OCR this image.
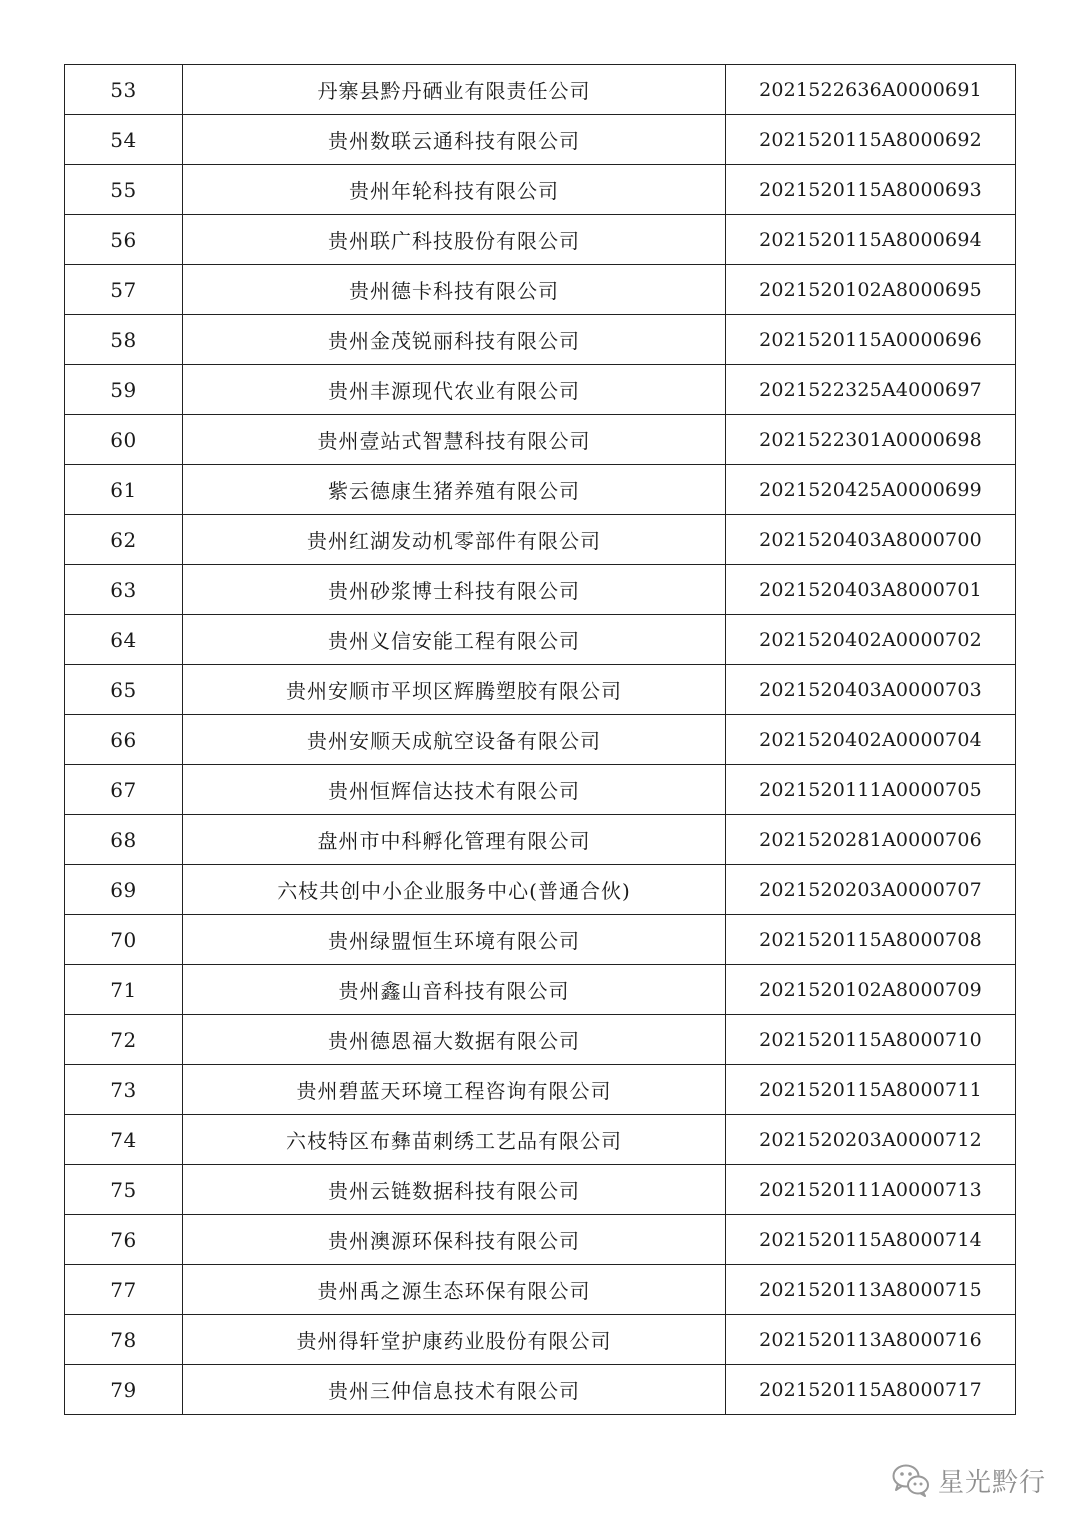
53	丹寨县黔丹硒业有限责任公司	2021522636A0000691
54	贵州数联云通科技有限公司	2021520115A8000692
55	贵州年轮科技有限公司	2021520115A8000693
56	贵州联广科技股份有限公司	2021520115A8000694
57	贵州德卡科技有限公司	2021520102A8000695
58	贵州金茂锐丽科技有限公司	2021520115A0000696
59	贵州丰源现代农业有限公司	2021522325A4000697
60	贵州壹站式智慧科技有限公司	2021522301A0000698
61	紫云德康生猪养殖有限公司	2021520425A0000699
62	贵州红湖发动机零部件有限公司	2021520403A8000700
63	贵州砂浆博士科技有限公司	2021520403A8000701
64	贵州义信安能工程有限公司	2021520402A0000702
65	贵州安顺市平坝区辉腾塑胶有限公司	2021520403A0000703
66	贵州安顺天成航空设备有限公司	2021520402A0000704
67	贵州恒辉信达技术有限公司	2021520111A0000705
68	盘州市中科孵化管理有限公司	2021520281A0000706
69	六枝共创中小企业服务中心(普通合伙)	2021520203A0000707
70	贵州绿盟恒生环境有限公司	2021520115A8000708
71	贵州鑫山音科技有限公司	2021520102A8000709
72	贵州德恩福大数据有限公司	2021520115A8000710
73	贵州碧蓝天环境工程咨询有限公司	2021520115A8000711
74	六枝特区布彝苗刺绣工艺品有限公司	2021520203A0000712
75	贵州云链数据科技有限公司	2021520111A0000713
76	贵州澳源环保科技有限公司	2021520115A8000714
77	贵州禹之源生态环保有限公司	2021520113A8000715
78	贵州得轩堂护康药业股份有限公司	2021520113A8000716
79	贵州三仲信息技术有限公司	2021520115A8000717
星光黔行
